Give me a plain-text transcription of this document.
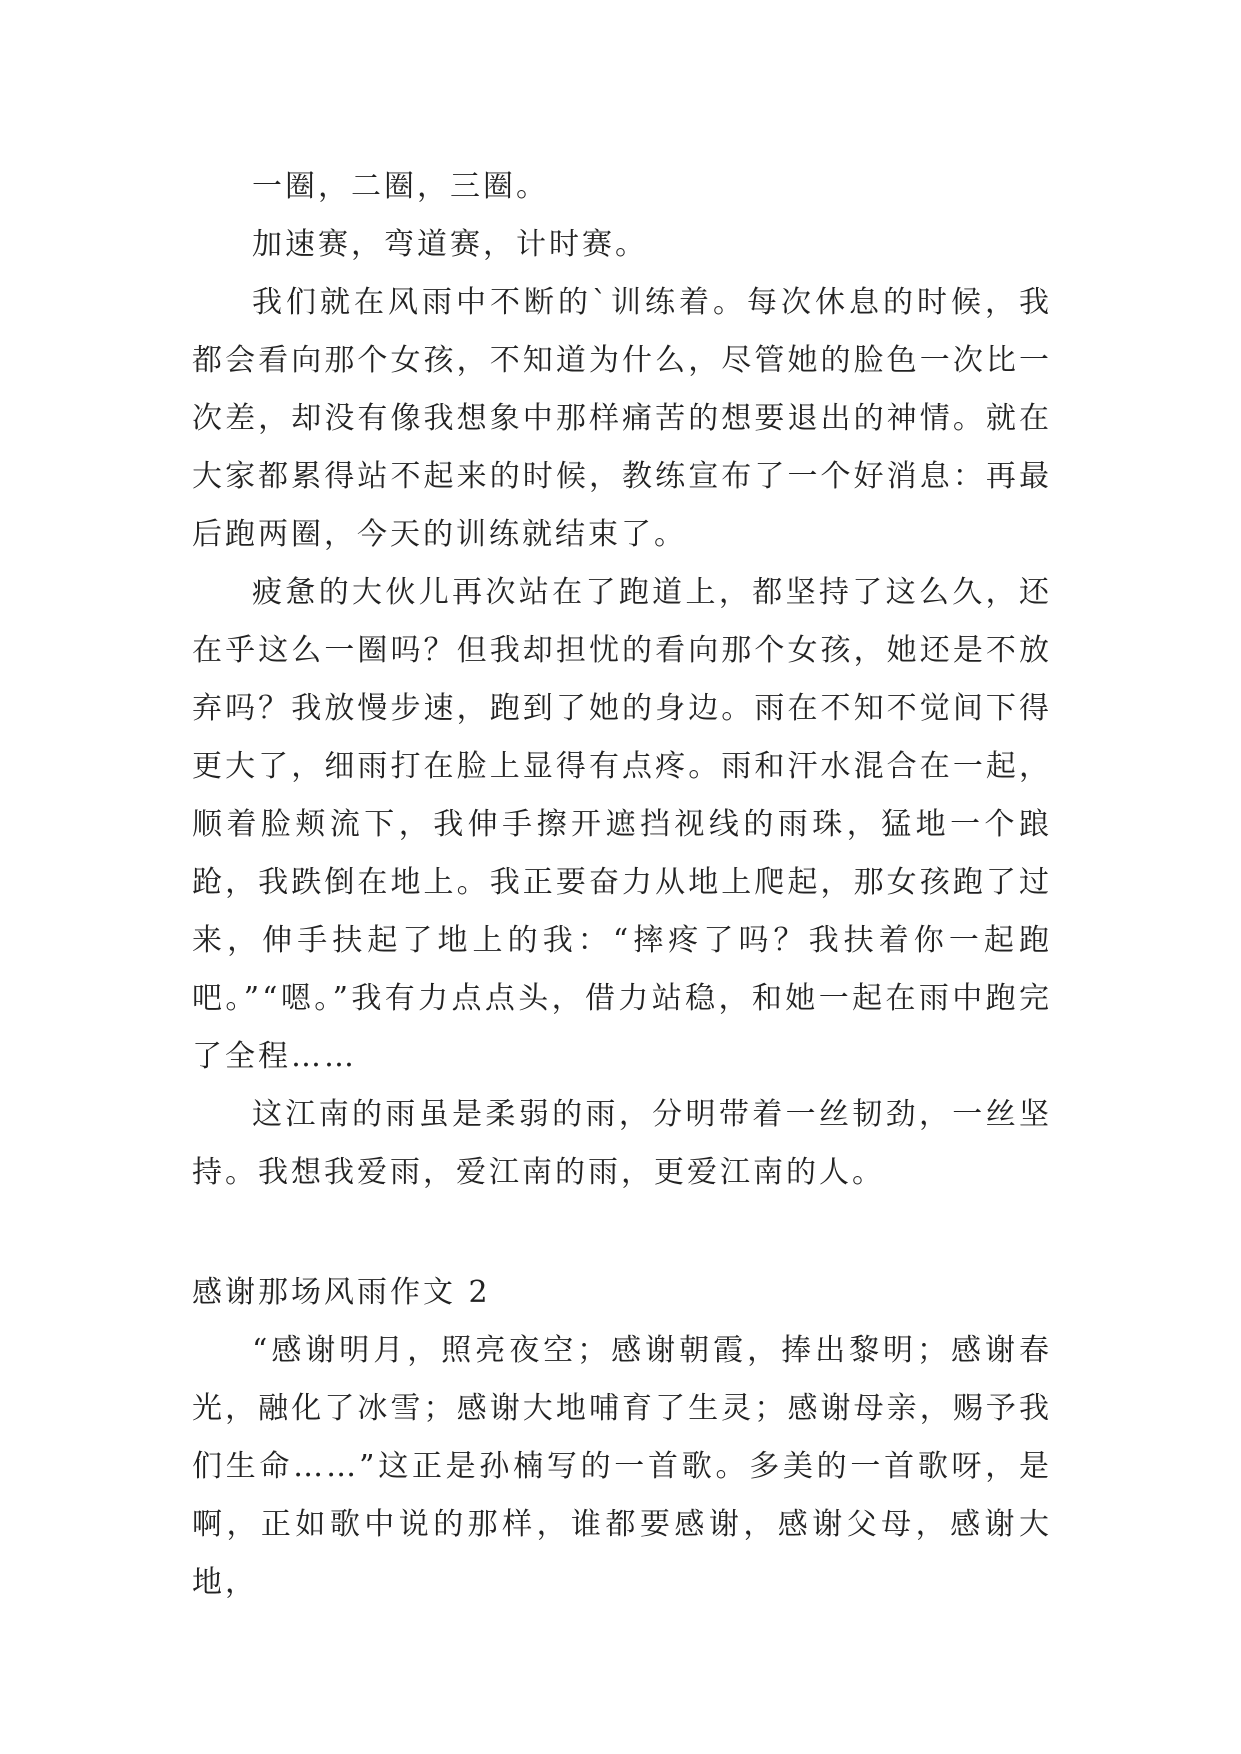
一圈，二圈，三圈。

加速赛，弯道赛，计时赛。

我们就在风雨中不断的`训练着。每次休息的时候，我都会看向那个女孩，不知道为什么，尽管她的脸色一次比一次差，却没有像我想象中那样痛苦的想要退出的神情。就在大家都累得站不起来的时候，教练宣布了一个好消息：再最后跑两圈，今天的训练就结束了。

疲惫的大伙儿再次站在了跑道上，都坚持了这么久，还在乎这么一圈吗？但我却担忧的看向那个女孩，她还是不放弃吗？我放慢步速，跑到了她的身边。雨在不知不觉间下得更大了，细雨打在脸上显得有点疼。雨和汗水混合在一起，顺着脸颊流下，我伸手擦开遮挡视线的雨珠，猛地一个踉跄，我跌倒在地上。我正要奋力从地上爬起，那女孩跑了过来，伸手扶起了地上的我：“摔疼了吗？我扶着你一起跑吧。”“嗯。”我有力点点头，借力站稳，和她一起在雨中跑完了全程……

这江南的雨虽是柔弱的雨，分明带着一丝韧劲，一丝坚持。我想我爱雨，爱江南的雨，更爱江南的人。

感谢那场风雨作文 2

“感谢明月，照亮夜空；感谢朝霞，捧出黎明；感谢春光，融化了冰雪；感谢大地哺育了生灵；感谢母亲，赐予我们生命……”这正是孙楠写的一首歌。多美的一首歌呀，是啊，正如歌中说的那样，谁都要感谢，感谢父母，感谢大地，
